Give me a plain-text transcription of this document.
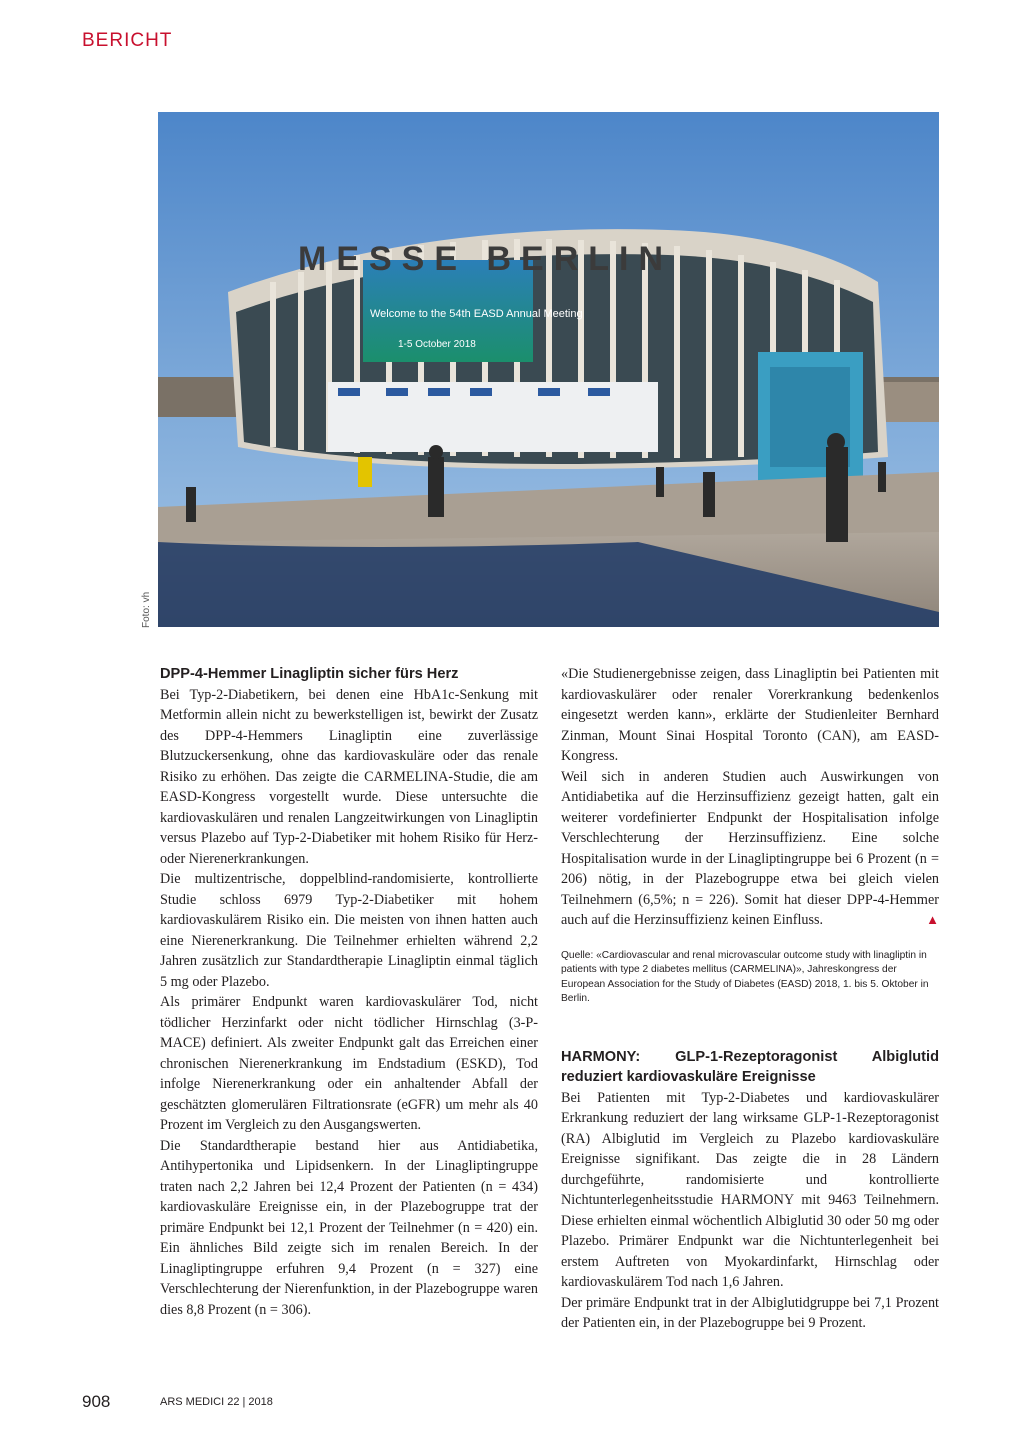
BERICHT
MESSE BERLIN
Welcome to the 54th EASD Annual Meeting
1-5 October 2018
Foto: vh

DPP-4-Hemmer Linagliptin sicher fürs Herz

Bei Typ-2-Diabetikern, bei denen eine HbA1c-Senkung mit Metformin allein nicht zu bewerkstelligen ist, bewirkt der Zusatz des DPP-4-Hemmers Linagliptin eine zuverlässige Blutzuckersenkung, ohne das kardiovaskuläre oder das renale Risiko zu erhöhen. Das zeigte die CARMELINA-Studie, die am EASD-Kongress vorgestellt wurde. Diese untersuchte die kardiovaskulären und renalen Langzeitwirkungen von Linagliptin versus Plazebo auf Typ-2-Diabetiker mit hohem Risiko für Herz- oder Nierenerkrankungen.

Die multizentrische, doppelblind-randomisierte, kontrollierte Studie schloss 6979 Typ-2-Diabetiker mit hohem kardiovaskulärem Risiko ein. Die meisten von ihnen hatten auch eine Nierenerkrankung. Die Teilnehmer erhielten während 2,2 Jahren zusätzlich zur Standardtherapie Linagliptin einmal täglich 5 mg oder Plazebo.

Als primärer Endpunkt waren kardiovaskulärer Tod, nicht tödlicher Herzinfarkt oder nicht tödlicher Hirnschlag (3-P-MACE) definiert. Als zweiter Endpunkt galt das Erreichen einer chronischen Nierenerkrankung im Endstadium (ESKD), Tod infolge Nierenerkrankung oder ein anhaltender Abfall der geschätzten glomerulären Filtrationsrate (eGFR) um mehr als 40 Prozent im Vergleich zu den Ausgangswerten.

Die Standardtherapie bestand hier aus Antidiabetika, Antihypertonika und Lipidsenkern. In der Linagliptingruppe traten nach 2,2 Jahren bei 12,4 Prozent der Patienten (n = 434) kardiovaskuläre Ereignisse ein, in der Plazebogruppe trat der primäre Endpunkt bei 12,1 Prozent der Teilnehmer (n = 420) ein. Ein ähnliches Bild zeigte sich im renalen Bereich. In der Linagliptingruppe erfuhren 9,4 Prozent (n = 327) eine Verschlechterung der Nierenfunktion, in der Plazebogruppe waren dies 8,8 Prozent (n = 306).

«Die Studienergebnisse zeigen, dass Linagliptin bei Patienten mit kardiovaskulärer oder renaler Vorerkrankung bedenkenlos eingesetzt werden kann», erklärte der Studienleiter Bernhard Zinman, Mount Sinai Hospital Toronto (CAN), am EASD-Kongress.

Weil sich in anderen Studien auch Auswirkungen von Antidiabetika auf die Herzinsuffizienz gezeigt hatten, galt ein weiterer vordefinierter Endpunkt der Hospitalisation infolge Verschlechterung der Herzinsuffizienz. Eine solche Hospitalisation wurde in der Linagliptingruppe bei 6 Prozent (n = 206) nötig, in der Plazebogruppe etwa bei gleich vielen Teilnehmern (6,5%; n = 226). Somit hat dieser DPP-4-Hemmer auch auf die Herzinsuffizienz keinen Einfluss.	▲

Quelle: «Cardiovascular and renal microvascular outcome study with linagliptin in patients with type 2 diabetes mellitus (CARMELINA)», Jahreskongress der European Association for the Study of Diabetes (EASD) 2018, 1. bis 5. Oktober in Berlin.

HARMONY: GLP-1-Rezeptoragonist Albiglutid reduziert kardiovaskuläre Ereignisse

Bei Patienten mit Typ-2-Diabetes und kardiovaskulärer Erkrankung reduziert der lang wirksame GLP-1-Rezeptoragonist (RA) Albiglutid im Vergleich zu Plazebo kardiovaskuläre Ereignisse signifikant. Das zeigte die in 28 Ländern durchgeführte, randomisierte und kontrollierte Nichtunterlegenheitsstudie HARMONY mit 9463 Teilnehmern. Diese erhielten einmal wöchentlich Albiglutid 30 oder 50 mg oder Plazebo. Primärer Endpunkt war die Nichtunterlegenheit bei erstem Auftreten von Myokardinfarkt, Hirnschlag oder kardiovaskulärem Tod nach 1,6 Jahren.

Der primäre Endpunkt trat in der Albiglutidgruppe bei 7,1 Prozent der Patienten ein, in der Plazebogruppe bei 9 Prozent.

908	ARS MEDICI 22 | 2018
